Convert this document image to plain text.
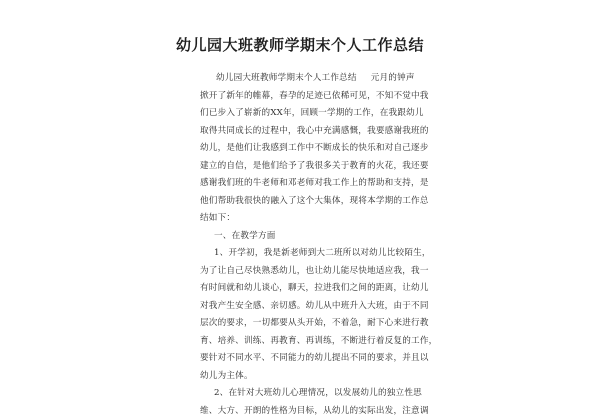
幼儿园大班教师学期末个人工作总结
幼儿园大班教师学期末个人工作总结 元月的钟声
掀开了新年的帷幕，春孕的足迹已依稀可见，不知不觉中我
们已步入了崭新的XX年，回顾一学期的工作，在我跟幼儿
取得共同成长的过程中，我心中充满感慨，我要感谢我班的
幼儿，是他们让我感到工作中不断成长的快乐和对自己逐步
建立的自信，是他们给予了我很多关于教育的火花，我还要
感谢我们班的牛老师和邓老师对我工作上的帮助和支持，是
他们帮助我很快的融入了这个大集体，现将本学期的工作总
结如下：
一、在教学方面
1、开学初，我是新老师到大二班所以对幼儿比较陌生，
为了让自己尽快熟悉幼儿，也让幼儿能尽快地适应我，我一
有时间就和幼儿谈心，聊天，拉进我们之间的距离，让幼儿
对我产生安全感、亲切感。幼儿从中班升入大班，由于不同
层次的要求，一切都要从头开始，不着急，耐下心来进行教
育、培养、训练、再教育、再训练，不断进行着反复的工作，
要针对不同水平、不同能力的幼儿提出不同的要求，并且以
幼儿为主体。
2、在针对大班幼儿心理情况，以发展幼儿的独立性思
维、大方、开朗的性格为目标，从幼儿的实际出发，注意调
